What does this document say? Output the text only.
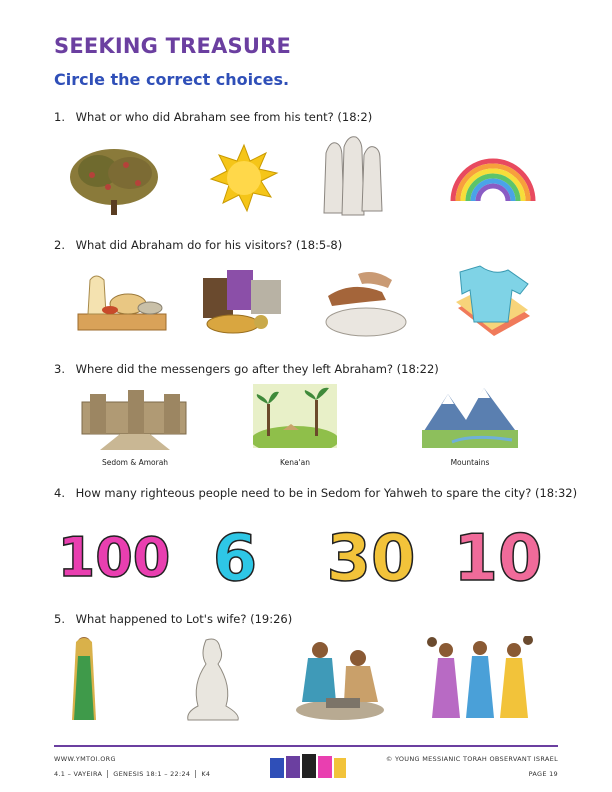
SEEKING TREASURE
Circle the correct choices.
1. What or who did Abraham see from his tent? (18:2)
2. What did Abraham do for his visitors? (18:5-8)
3. Where did the messengers go after they left Abraham? (18:22)
Sedom & Amorah	Kena'an	Mountains
4. How many righteous people need to be in Sedom for Yahweh to spare the city? (18:32)
100 6 30 10
5. What happened to Lot's wife? (19:26)
WWW.YMTOI.ORG
4.1 – VAYEIRA GENESIS 18:1 – 22:24 K4
© YOUNG MESSIANIC TORAH OBSERVANT ISRAEL
PAGE 19
